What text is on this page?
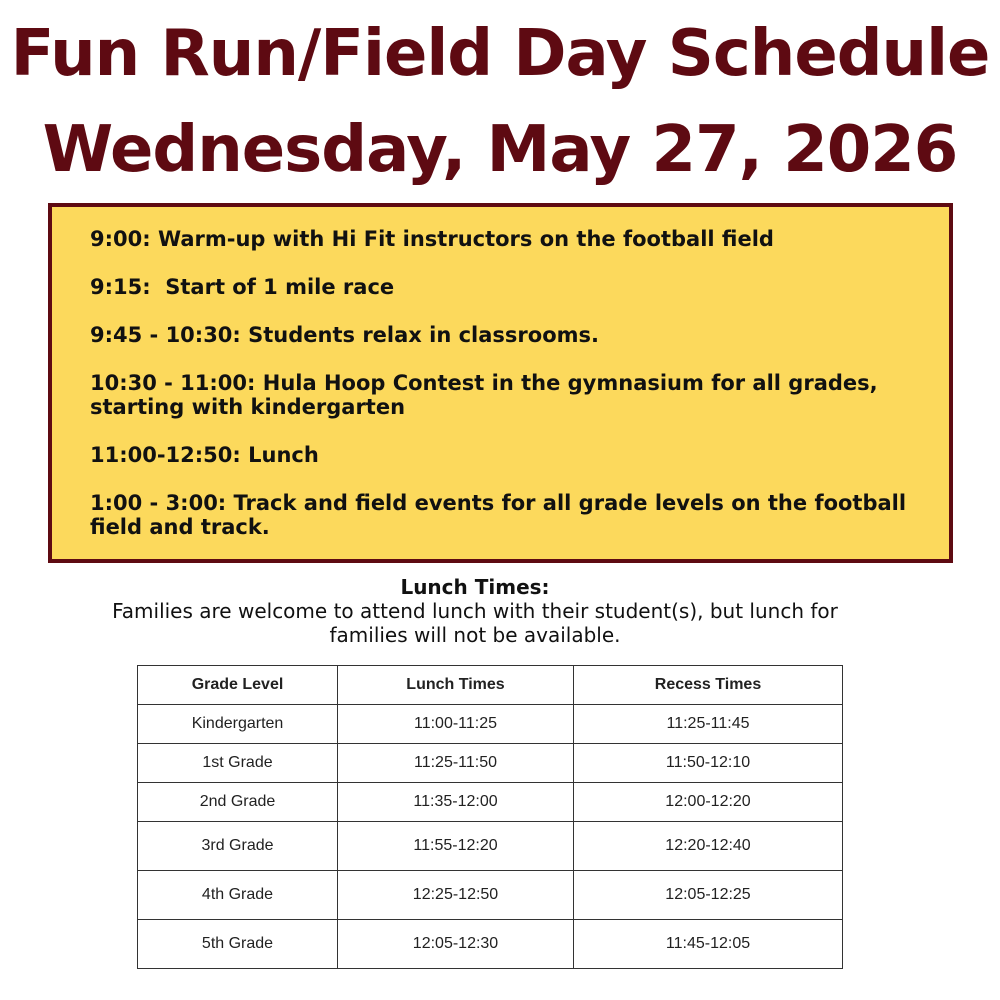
Fun Run/Field Day Schedule
Wednesday, May 27, 2026
9:00: Warm-up with Hi Fit instructors on the football field
9:15:  Start of 1 mile race
9:45 - 10:30: Students relax in classrooms.
10:30 - 11:00: Hula Hoop Contest in the gymnasium for all grades,
starting with kindergarten
11:00-12:50: Lunch
1:00 - 3:00: Track and field events for all grade levels on the football
field and track.
Lunch Times:
Families are welcome to attend lunch with their student(s), but lunch for families will not be available.
Grade Level	Lunch Times	Recess Times
Kindergarten	11:00-11:25	11:25-11:45
1st Grade	11:25-11:50	11:50-12:10
2nd Grade	11:35-12:00	12:00-12:20
3rd Grade	11:55-12:20	12:20-12:40
4th Grade	12:25-12:50	12:05-12:25
5th Grade	12:05-12:30	11:45-12:05
